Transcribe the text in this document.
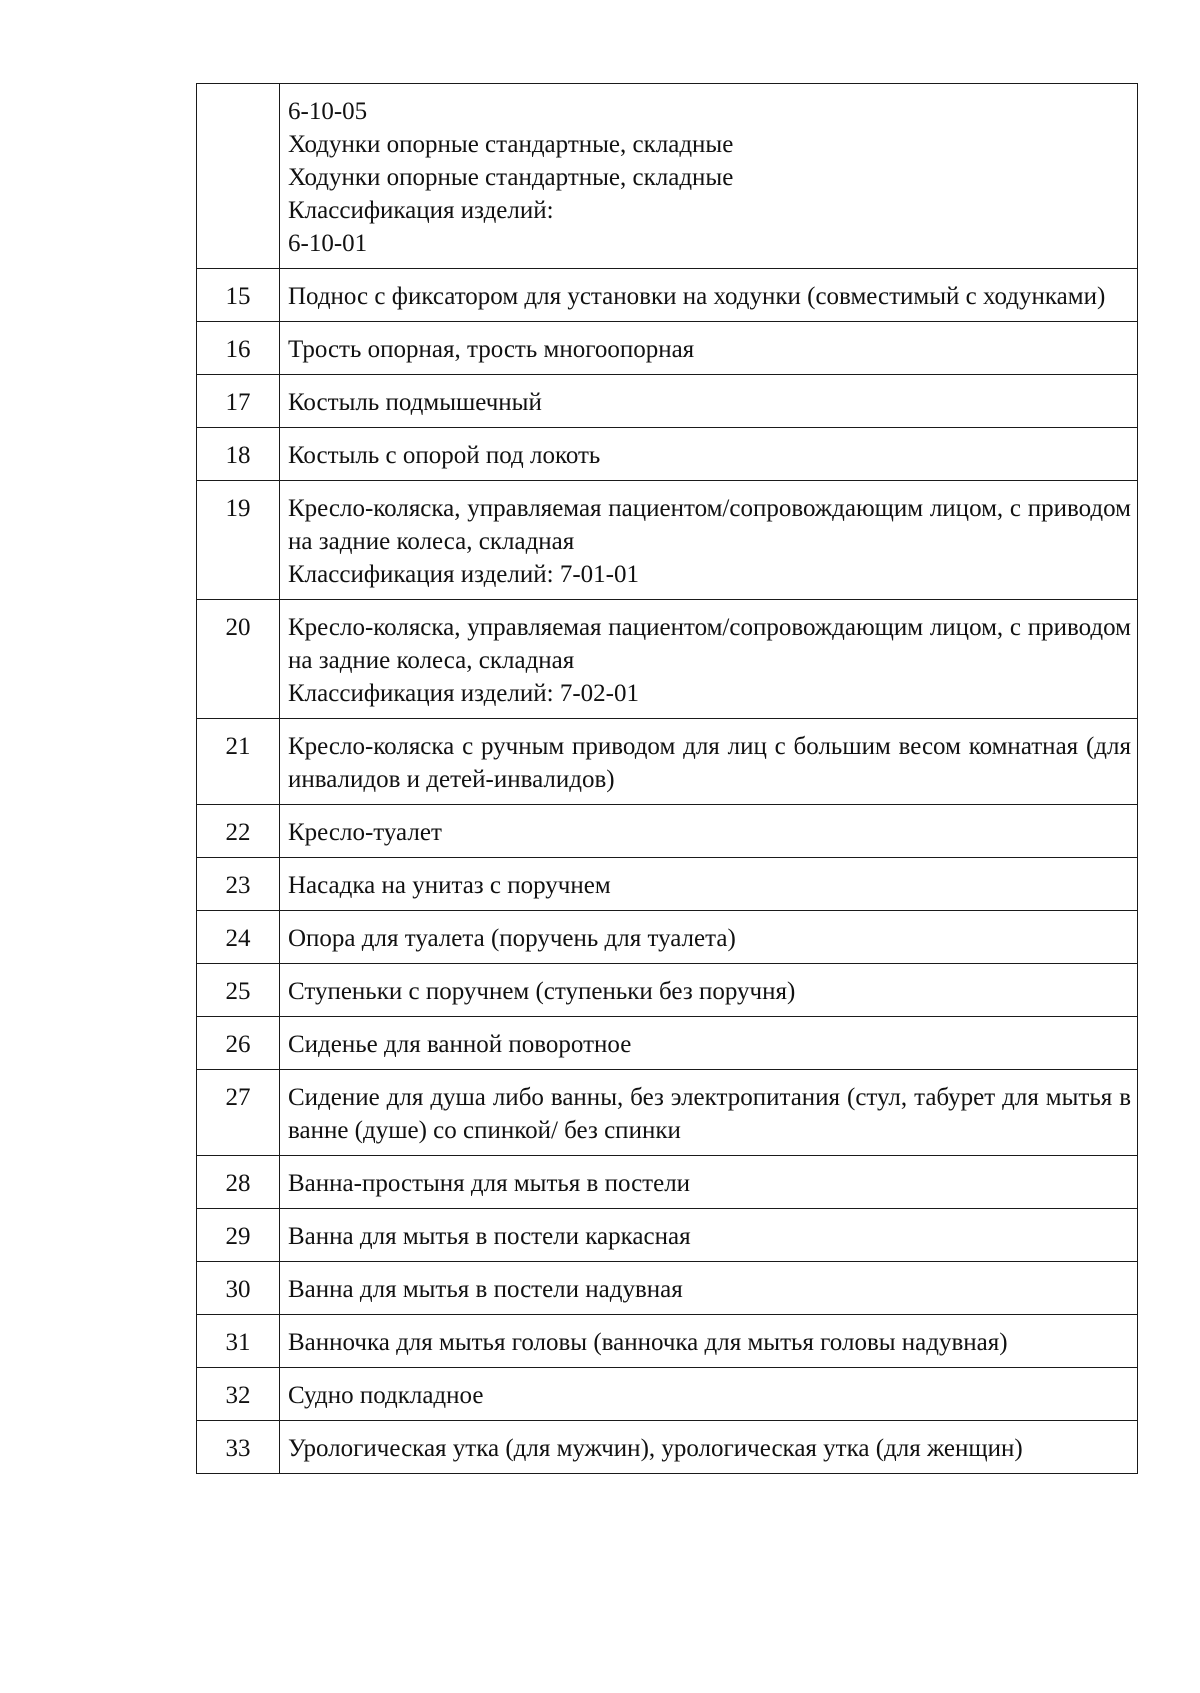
	6-10-05
Ходунки опорные стандартные, складные
Ходунки опорные стандартные, складные
Классификация изделий:
6-10-01

15	Поднос с фиксатором для установки на ходунки (совместимый с ходунками)

16	Трость опорная, трость многоопорная

17	Костыль подмышечный

18	Костыль с опорой под локоть

19	Кресло-коляска, управляемая пациентом/сопровождающим лицом, с приводом на задние колеса, складная
Классификация изделий: 7-01-01

20	Кресло-коляска, управляемая пациентом/сопровождающим лицом, с приводом на задние колеса, складная
Классификация изделий: 7-02-01

21	Кресло-коляска с ручным приводом для лиц с большим весом комнатная (для инвалидов и детей-инвалидов)

22	Кресло-туалет

23	Насадка на унитаз с поручнем

24	Опора для туалета (поручень для туалета)

25	Ступеньки с поручнем (ступеньки без поручня)

26	Сиденье для ванной поворотное

27	Сидение для душа либо ванны, без электропитания (стул, табурет для мытья в ванне (душе) со спинкой/ без спинки

28	Ванна-простыня для мытья в постели

29	Ванна для мытья в постели каркасная

30	Ванна для мытья в постели надувная

31	Ванночка для мытья головы (ванночка для мытья головы надувная)

32	Судно подкладное

33	Урологическая утка (для мужчин), урологическая утка (для женщин)
